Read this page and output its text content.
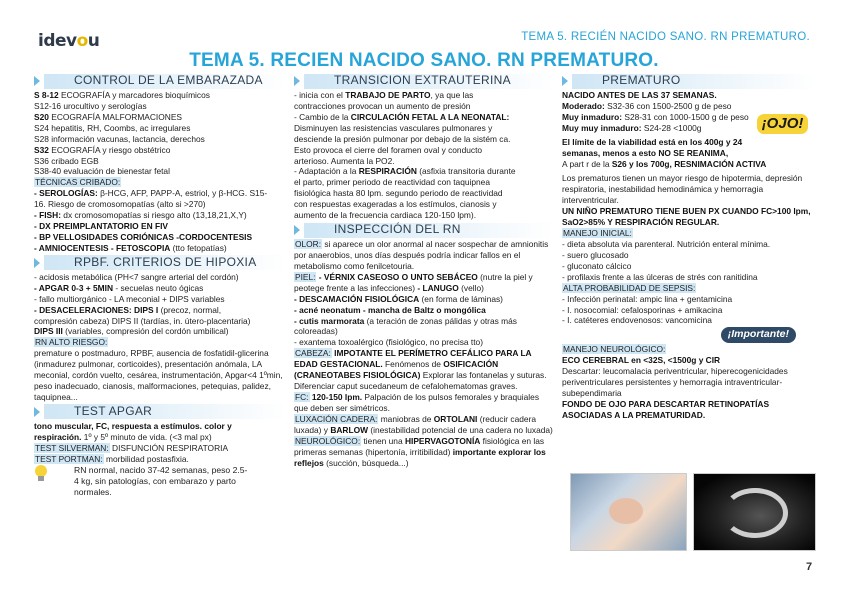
idevou	TEMA 5. RECIÉN NACIDO SANO. RN PREMATURO.
TEMA 5. RECIEN NACIDO SANO. RN PREMATURO.
CONTROL DE LA EMBARAZADA
S 8-12 ECOGRAFÍA y marcadores bioquímicos
S12-16 urocultivo y serologías
S20 ECOGRAFÍA MALFORMACIONES
S24 hepatitis, RH, Coombs, ac irregulares
S28 información vacunas, lactancia, derechos
S32 ECOGRAFÍA y riesgo obstétrico
S36 cribado EGB
S38-40 evaluación de bienestar fetal
TÉCNICAS CRIBADO:
- SEROLOGÍAS: β-HCG, AFP, PAPP-A, estriol, y β-HCG. S15-
16. Riesgo de cromosomopatías (alto si >270)
- FISH: dx cromosomopatías si riesgo alto (13,18,21,X,Y)
- DX PREIMPLANTATORIO EN FIV
- BP VELLOSIDADES CORIÓNICAS -CORDOCENTESIS
- AMNIOCENTESIS - FETOSCOPIA (tto fetopatías)
RPBF. CRITERIOS DE HIPOXIA
- acidosis metabólica (PH<7 sangre arterial del cordón)
- APGAR 0-3 + 5MIN - secuelas neuto ógicas
- fallo multiorgánico - LA meconial + DIPS variables
- DESACELERACIONES: DIPS I (precoz, normal,
compresión cabeza) DIPS II (tardías, in. útero-placentaria)
DIPS III (variables, compresión del cordón umbilical)
RN ALTO RIESGO:
premature o postmaduro, RPBF, ausencia de fosfatidil-glicerina (inmadurez pulmonar, corticoides), presentación anómala, LA meconial, cordón vuelto, cesárea, instrumentación, Apgar<4 1ºmin, peso inadecuado, cianosis, malformaciones, petequias, palidez, taquipnea...
TEST APGAR
tono muscular, FC, respuesta a estímulos. color y
respiración. 1º y 5º minuto de vida. (<3 mal px)
TEST SILVERMAN: DISFUNCIÓN RESPIRATORIA
TEST PORTMAN: morbilidad postasfixia.
RN normal, nacido 37-42 semanas, peso 2.5-4 kg, sin patologías, con embarazo y parto normales.
TRANSICION EXTRAUTERINA
- inicia con el TRABAJO DE PARTO, ya que las
contracciones provocan un aumento de presión
- Cambio de la CIRCULACIÓN FETAL A LA NEONATAL:
Disminuyen las resistencias vasculares pulmonares y
desciende la presión pulmonar por debajo de la sistém ca.
Esto provoca el cierre del foramen oval y conducto
arterioso. Aumenta la PO2.
- Adaptación a la RESPIRACIÓN (asfixia transitoria durante
el parto, primer periodo de reactividad con taquipnea
fisiológica hasta 80 lpm. segundo periodo de reactividad
con respuestas exageradas a los estímulos, cianosis y
aumento de la frecuencia cardiaca 120-150 lpm).
INSPECCIÓN DEL RN
OLOR: si aparece un olor anormal al nacer sospechar de amnionitis por anaerobios, unos días después podría indicar fallos en el metabolismo como fenilcetouria.
PIEL: - VÉRNIX CASEOSO O UNTO SEBÁCEO (nutre la piel y peotege frente a las infecciones) - LANUGO (vello)
- DESCAMACIÓN FISIOLÓGICA (en forma de láminas)
- acné neonatum - mancha de Baltz o mongólica
- cutis marmorata (a teración de zonas pálidas y otras más
coloreadas)
- exantema toxoalérgico (fisiológico, no precisa tto)
CABEZA: IMPOTANTE EL PERÍMETRO CEFÁLICO PARA LA EDAD GESTACIONAL. Fenómenos de OSIFICACIÓN (CRANEOTABES FISIOLÓGICA) Explorar las fontanelas y suturas. Diferenciar caput sucedaneum de cefalohematomas graves.
FC: 120-150 lpm. Palpación de los pulsos femorales y braquiales que deben ser simétricos.
LUXACIÓN CADERA: maniobras de ORTOLANI (reducir cadera luxada) y BARLOW (inestabilidad potencial de una cadera no luxada)
NEUROLÓGICO: tienen una HIPERVAGOTONÍA fisiológica en las primeras semanas (hipertonía, irritibilidad) importante explorar los reflejos (succión, búsqueda...)
PREMATURO
NACIDO ANTES DE LAS 37 SEMANAS.
Moderado: S32-36 con 1500-2500 g de peso
Muy inmaduro: S28-31 con 1000-1500 g de peso
Muy muy inmaduro: S24-28 <1000g	¡OJO!
El límite de la viabilidad está en los 400g y 24
semanas, menos a esto NO SE REANIMA,
A part r de la S26 y los 700g, RESNIMACIÓN ACTIVA
Los prematuros tienen un mayor riesgo de hipotermia, depresión respiratoria, inestabilidad hemodinámica y hemorragia interventricular.
UN NIÑO PREMATURO TIENE BUEN PX CUANDO FC>100 lpm, SaO2>85% Y RESPIRACIÓN REGULAR.
MANEJO INICIAL:
- dieta absoluta via parenteral. Nutrición enteral mínima.
- suero glucosado
- gluconato cálcico
- profilaxis frente a las úlceras de strés con ranitidina
ALTA PROBABILIDAD DE SEPSIS:
- Infección perinatal: ampic lina + gentamicina
- I. nosocomial: cefalosporinas + amikacina
- I. catéteres endovenosos: vancomicina
¡Importante!
MANEJO NEUROLÓGICO:
ECO CEREBRAL en <32S, <1500g y CIR
Descartar: leucomalacia periventricular, hiperecogenicidades periventriculares persistentes y hemorragia intraventricular- subependimaria
FONDO DE OJO PARA DESCARTAR RETINOPATÍAS ASOCIADAS A LA PREMATURIDAD.
7
